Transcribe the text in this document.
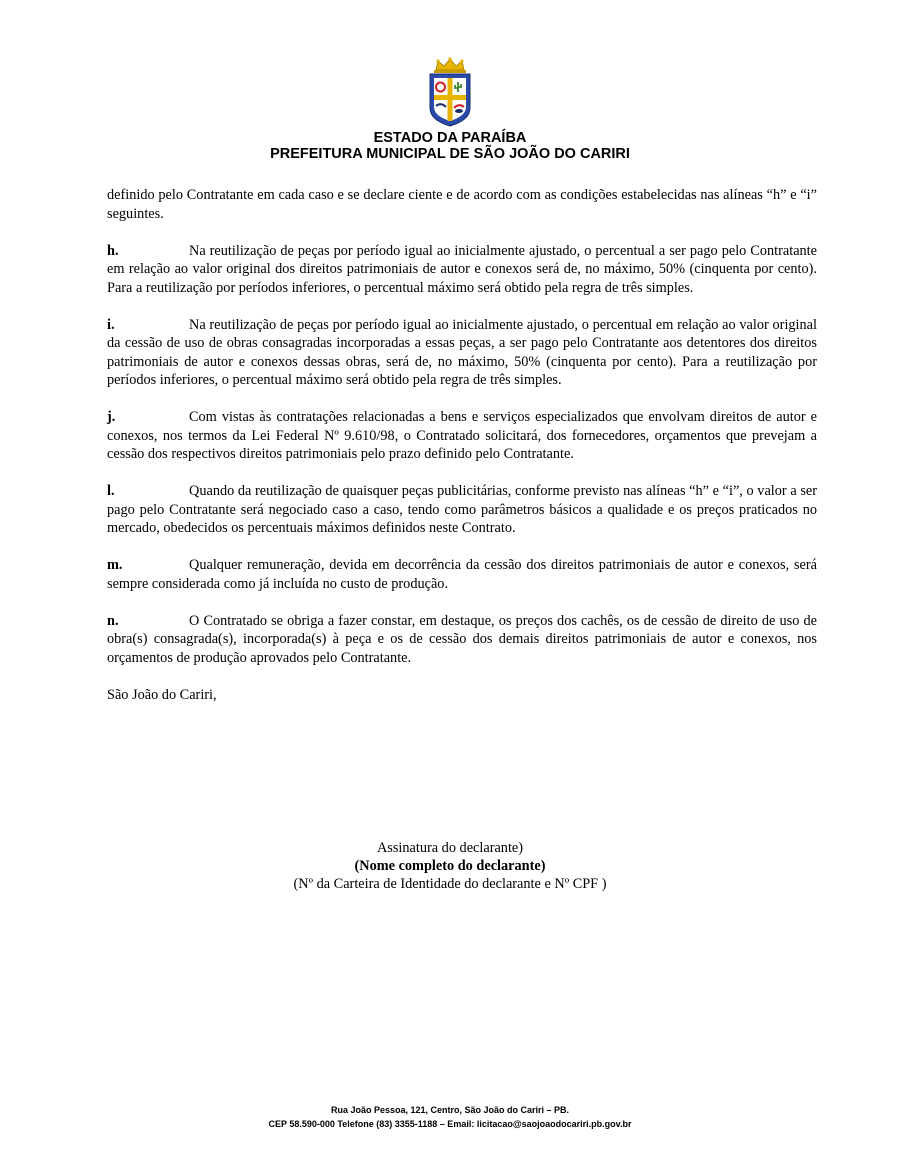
ESTADO DA PARAÍBA
PREFEITURA MUNICIPAL DE SÃO JOÃO DO CARIRI

definido pelo Contratante em cada caso e se declare ciente e de acordo com as condições estabelecidas nas alíneas “h” e “i” seguintes.

h.	Na reutilização de peças por período igual ao inicialmente ajustado, o percentual a ser pago pelo Contratante em relação ao valor original dos direitos patrimoniais de autor e conexos será de, no máximo, 50% (cinquenta por cento). Para a reutilização por períodos inferiores, o percentual máximo será obtido pela regra de três simples.

i.	Na reutilização de peças por período igual ao inicialmente ajustado, o percentual em relação ao valor original da cessão de uso de obras consagradas incorporadas a essas peças, a ser pago pelo Contratante aos detentores dos direitos patrimoniais de autor e conexos dessas obras, será de, no máximo, 50% (cinquenta por cento). Para a reutilização por períodos inferiores, o percentual máximo será obtido pela regra de três simples.

j.	Com vistas às contratações relacionadas a bens e serviços especializados que envolvam direitos de autor e conexos, nos termos da Lei Federal Nº 9.610/98, o Contratado solicitará, dos fornecedores, orçamentos que prevejam a cessão dos respectivos direitos patrimoniais pelo prazo definido pelo Contratante.

l.	Quando da reutilização de quaisquer peças publicitárias, conforme previsto nas alíneas “h” e “i”, o valor a ser pago pelo Contratante será negociado caso a caso, tendo como parâmetros básicos a qualidade e os preços praticados no mercado, obedecidos os percentuais máximos definidos neste Contrato.

m.	Qualquer remuneração, devida em decorrência da cessão dos direitos patrimoniais de autor e conexos, será sempre considerada como já incluída no custo de produção.

n.	O Contratado se obriga a fazer constar, em destaque, os preços dos cachês, os de cessão de direito de uso de obra(s) consagrada(s), incorporada(s) à peça e os de cessão dos demais direitos patrimoniais de autor e conexos, nos orçamentos de produção aprovados pelo Contratante.

São João do Cariri,

Assinatura do declarante)
(Nome completo do declarante)
(Nº da Carteira de Identidade do declarante e Nº CPF )
Rua João Pessoa, 121, Centro, São João do Cariri – PB.
CEP 58.590-000 Telefone (83) 3355-1188 – Email: licitacao@saojoaodocariri.pb.gov.br
